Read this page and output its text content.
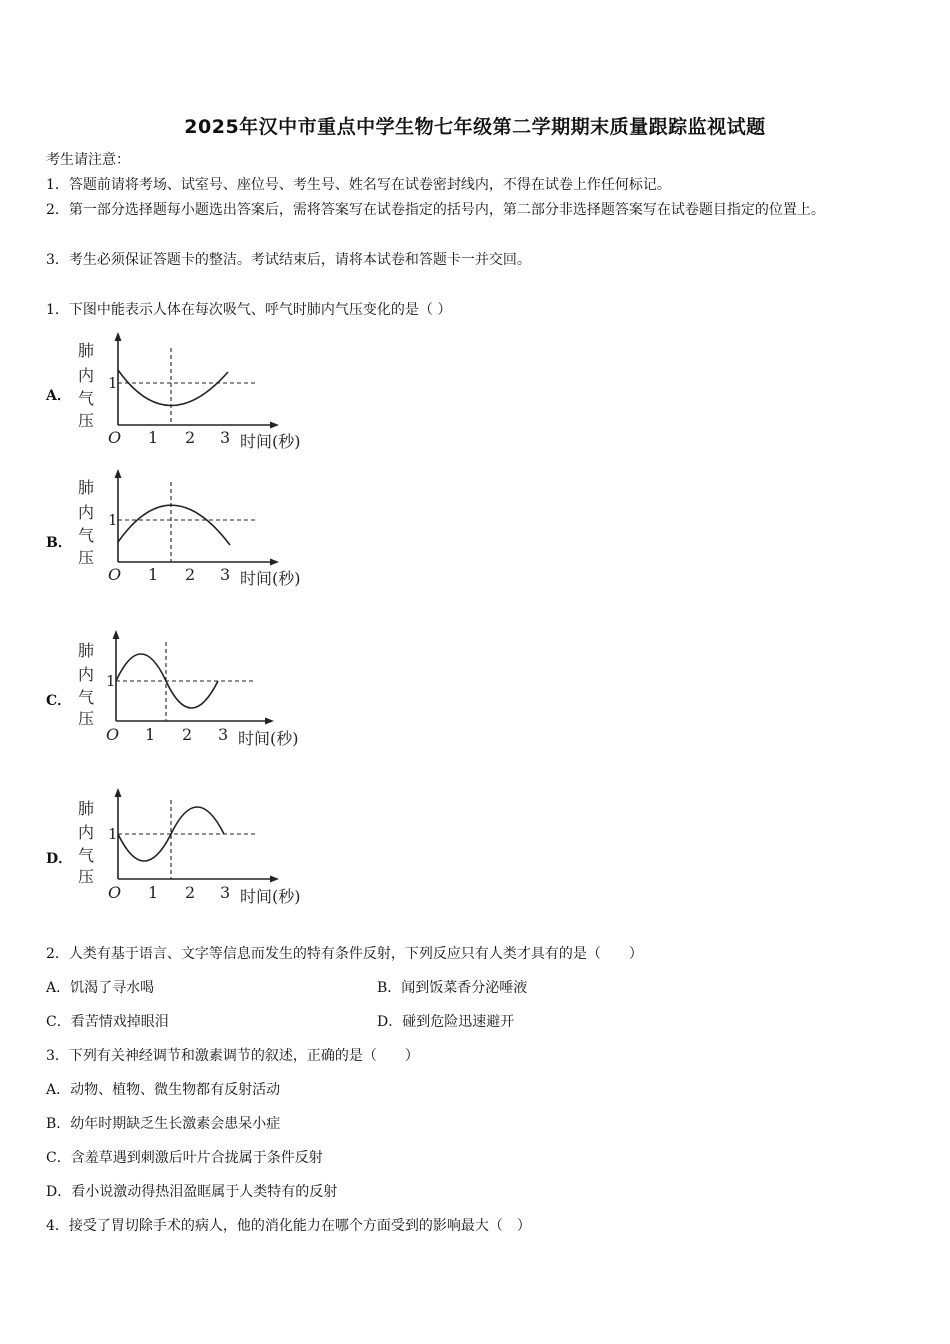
2025年汉中市重点中学生物七年级第二学期期末质量跟踪监视试题
考生请注意：
1．答题前请将考场、试室号、座位号、考生号、姓名写在试卷密封线内，不得在试卷上作任何标记。
2．第一部分选择题每小题选出答案后，需将答案写在试卷指定的括号内，第二部分非选择题答案写在试卷题目指定的位置上。
3．考生必须保证答题卡的整洁。考试结束后，请将本试卷和答题卡一并交回。
1．下图中能表示人体在每次吸气、呼气时肺内气压变化的是（ ）
A．
肺
内
气
压
1
O 1 2 3 时间(秒)
B．
肺
内
气
压
1
O 1 2 3 时间(秒)
C．
肺
内
气
压
1
O 1 2 3 时间(秒)
D．
肺
内
气
压
1
O 1 2 3 时间(秒)
2．人类有基于语言、文字等信息而发生的特有条件反射，下列反应只有人类才具有的是（　　）
A．饥渴了寻水喝	B．闻到饭菜香分泌唾液
C．看苦情戏掉眼泪	D．碰到危险迅速避开
3．下列有关神经调节和激素调节的叙述，正确的是（　　）
A．动物、植物、微生物都有反射活动
B．幼年时期缺乏生长激素会患呆小症
C．含羞草遇到刺激后叶片合拢属于条件反射
D．看小说激动得热泪盈眶属于人类特有的反射
4．接受了胃切除手术的病人，他的消化能力在哪个方面受到的影响最大（　）
